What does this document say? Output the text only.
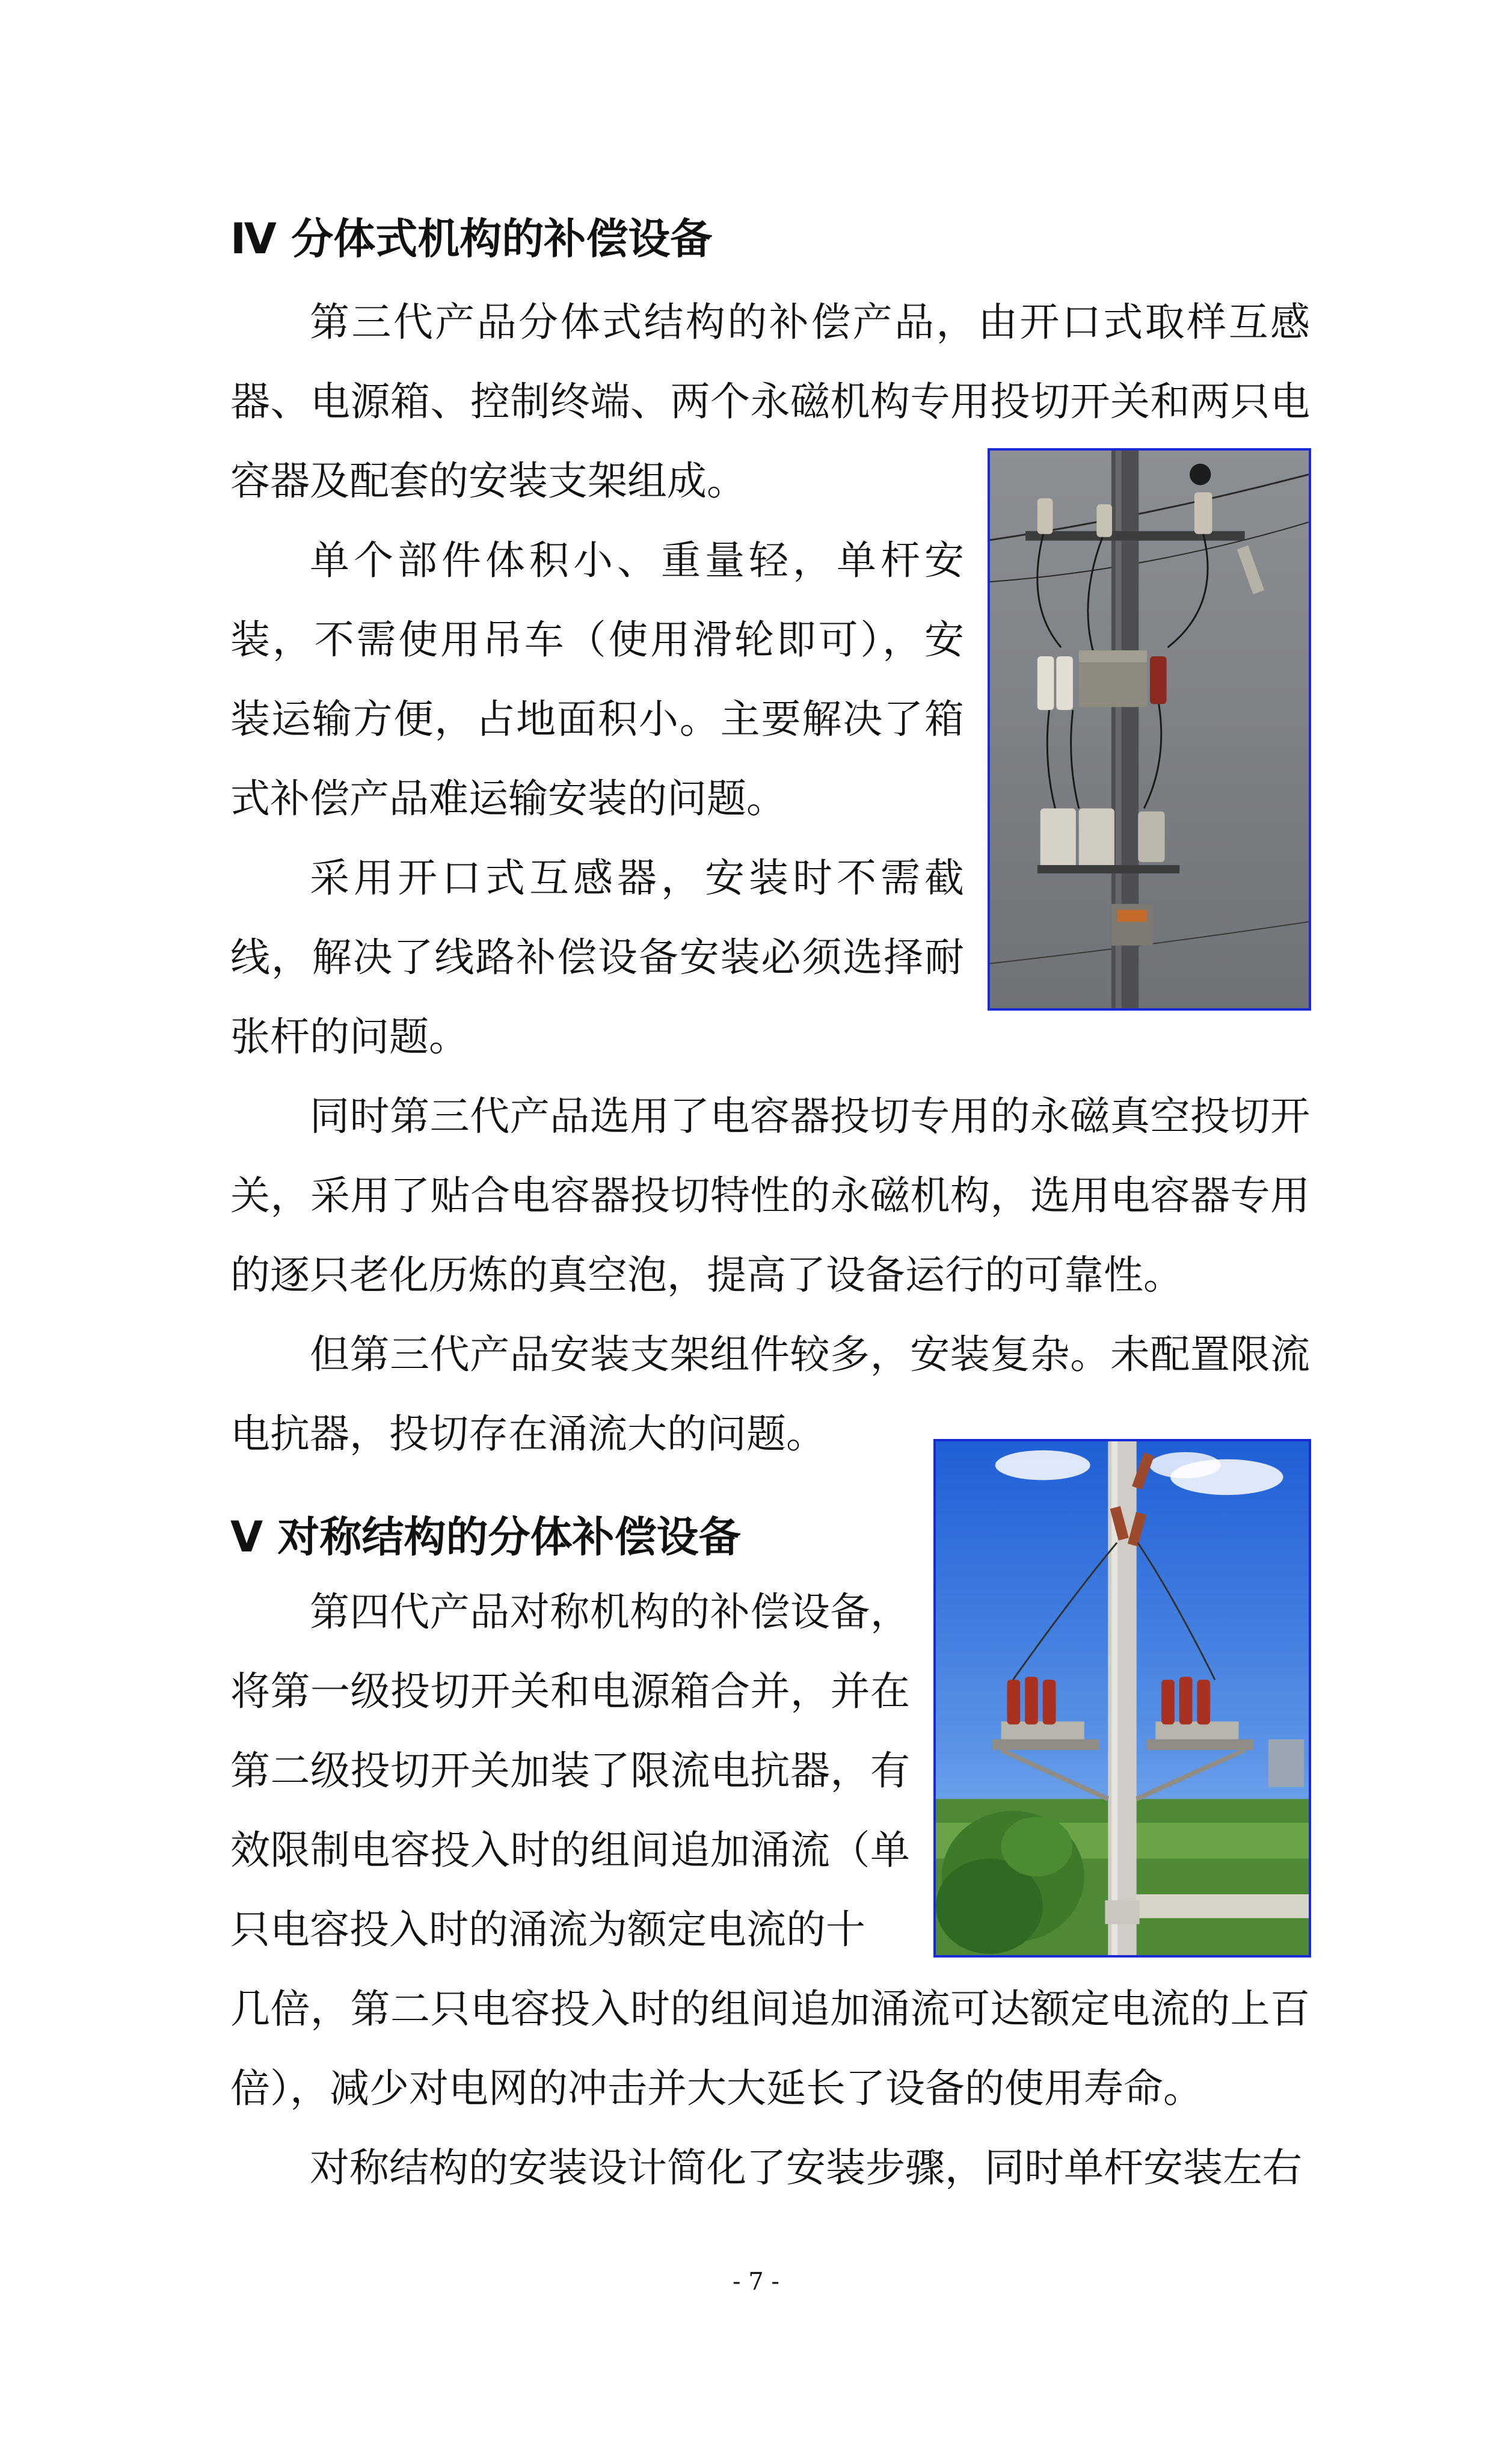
Ⅳ 分体式机构的补偿设备

第三代产品分体式结构的补偿产品，由开口式取样互感器、电源箱、控制终端、两个永磁机构专用投切开关和两只电容器及配套的安装支架组成。

单个部件体积小、重量轻，单杆安装，不需使用吊车（使用滑轮即可），安装运输方便，占地面积小。主要解决了箱式补偿产品难运输安装的问题。

采用开口式互感器，安装时不需截线，解决了线路补偿设备安装必须选择耐张杆的问题。

同时第三代产品选用了电容器投切专用的永磁真空投切开关，采用了贴合电容器投切特性的永磁机构，选用电容器专用的逐只老化历炼的真空泡，提高了设备运行的可靠性。

但第三代产品安装支架组件较多，安装复杂。未配置限流电抗器，投切存在涌流大的问题。

Ⅴ 对称结构的分体补偿设备

第四代产品对称机构的补偿设备，将第一级投切开关和电源箱合并，并在第二级投切开关加装了限流电抗器，有效限制电容投入时的组间追加涌流（单只电容投入时的涌流为额定电流的十

几倍，第二只电容投入时的组间追加涌流可达额定电流的上百倍），减少对电网的冲击并大大延长了设备的使用寿命。

对称结构的安装设计简化了安装步骤，同时单杆安装左右

- 7 -
